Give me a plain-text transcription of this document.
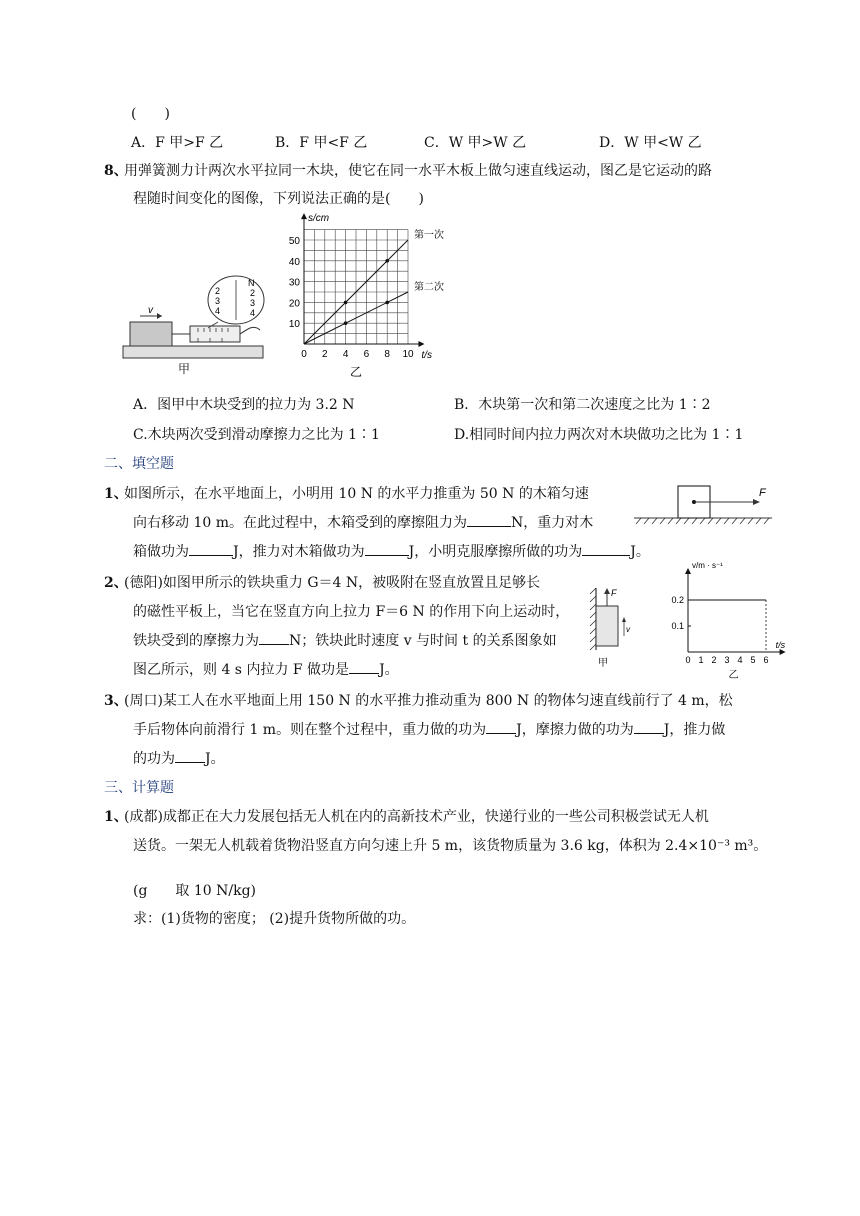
(　　)
A．F 甲>F 乙	B．F 甲<F 乙	C．W 甲>W 乙	D．W 甲<W 乙
8、
用弹簧测力计两次水平拉同一木块，使它在同一水平木板上做匀速直线运动，图乙是它运动的路
程随时间变化的图像，下列说法正确的是(　　)
v
2
3
4
N
2
3
4
甲
s/cm
t/s
0 2 4 6 8 10
10
20
30
40
50
第一次
第二次
乙
A．图甲中木块受到的拉力为 3.2 N	B．木块第一次和第二次速度之比为 1∶2
C.木块两次受到滑动摩擦力之比为 1∶1	D.相同时间内拉力两次对木块做功之比为 1∶1
二、填空题
1、
如图所示，在水平地面上，小明用 10 N 的水平力推重为 50 N 的木箱匀速
向右移动 10 m。在此过程中，木箱受到的摩擦阻力为	N，重力对木
箱做功为	J，推力对木箱做功为	J，小明克服摩擦所做的功为	J。
F
2、
(德阳)如图甲所示的铁块重力 G＝4 N，被吸附在竖直放置且足够长
的磁性平板上，当它在竖直方向上拉力 F＝6 N 的作用下向上运动时，
铁块受到的摩擦力为 N；铁块此时速度 v 与时间 t 的关系图象如
图乙所示，则 4 s 内拉力 F 做功是 J。
F
v
甲
v/m · s⁻¹
t/s
0 1 2 3 4 5 6
0.1
0.2
乙
3、
(周口)某工人在水平地面上用 150 N 的水平推力推动重为 800 N 的物体匀速直线前行了 4 m，松
手后物体向前滑行 1 m。则在整个过程中，重力做的功为 J，摩擦力做的功为 J，推力做
的功为 J。
三、计算题
1、
(成都)成都正在大力发展包括无人机在内的高新技术产业，快递行业的一些公司积极尝试无人机
送货。一架无人机载着货物沿竖直方向匀速上升 5 m，该货物质量为 3.6 kg，体积为 2.4×10⁻³ m³。
(g　　取 10 N/kg)
求：(1)货物的密度； (2)提升货物所做的功。
